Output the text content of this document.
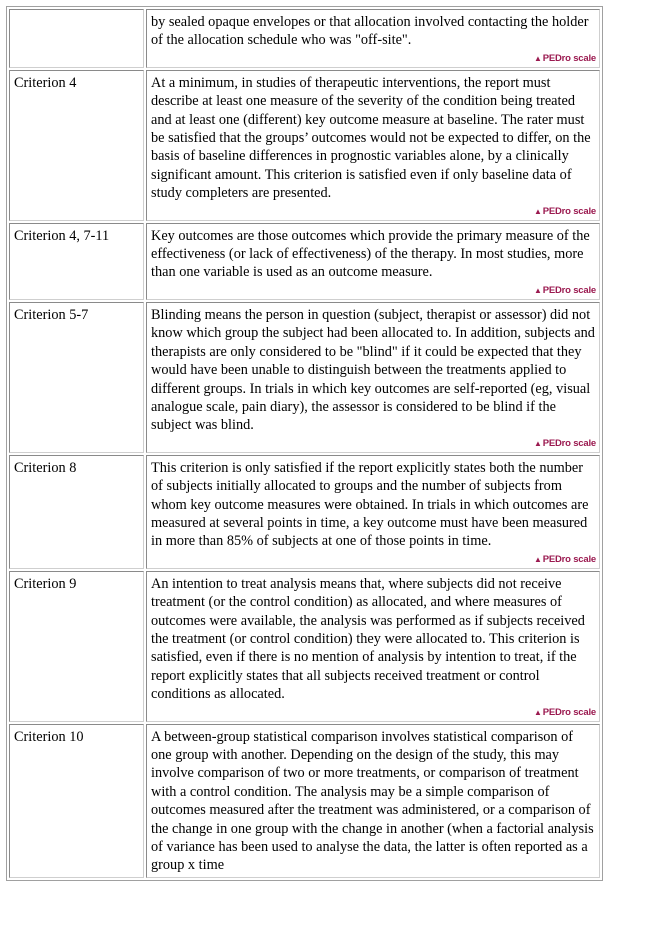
	by sealed opaque envelopes or that allocation involved contacting the holder of the allocation schedule who was "off-site".
▲PEDro scale

Criterion 4	At a minimum, in studies of therapeutic interventions, the report must describe at least one measure of the severity of the condition being treated and at least one (different) key outcome measure at baseline. The rater must be satisfied that the groups’ outcomes would not be expected to differ, on the basis of baseline differences in prognostic variables alone, by a clinically significant amount. This criterion is satisfied even if only baseline data of study completers are presented.
▲PEDro scale

Criterion 4, 7-11	Key outcomes are those outcomes which provide the primary measure of the effectiveness (or lack of effectiveness) of the therapy. In most studies, more than one variable is used as an outcome measure.
▲PEDro scale

Criterion 5-7	Blinding means the person in question (subject, therapist or assessor) did not know which group the subject had been allocated to. In addition, subjects and therapists are only considered to be "blind" if it could be expected that they would have been unable to distinguish between the treatments applied to different groups. In trials in which key outcomes are self-reported (eg, visual analogue scale, pain diary), the assessor is considered to be blind if the subject was blind.
▲PEDro scale

Criterion 8	This criterion is only satisfied if the report explicitly states both the number of subjects initially allocated to groups and the number of subjects from whom key outcome measures were obtained. In trials in which outcomes are measured at several points in time, a key outcome must have been measured in more than 85% of subjects at one of those points in time.
▲PEDro scale

Criterion 9	An intention to treat analysis means that, where subjects did not receive treatment (or the control condition) as allocated, and where measures of outcomes were available, the analysis was performed as if subjects received the treatment (or control condition) they were allocated to. This criterion is satisfied, even if there is no mention of analysis by intention to treat, if the report explicitly states that all subjects received treatment or control conditions as allocated.
▲PEDro scale

Criterion 10	A between-group statistical comparison involves statistical comparison of one group with another. Depending on the design of the study, this may involve comparison of two or more treatments, or comparison of treatment with a control condition. The analysis may be a simple comparison of outcomes measured after the treatment was administered, or a comparison of the change in one group with the change in another (when a factorial analysis of variance has been used to analyse the data, the latter is often reported as a group x time
